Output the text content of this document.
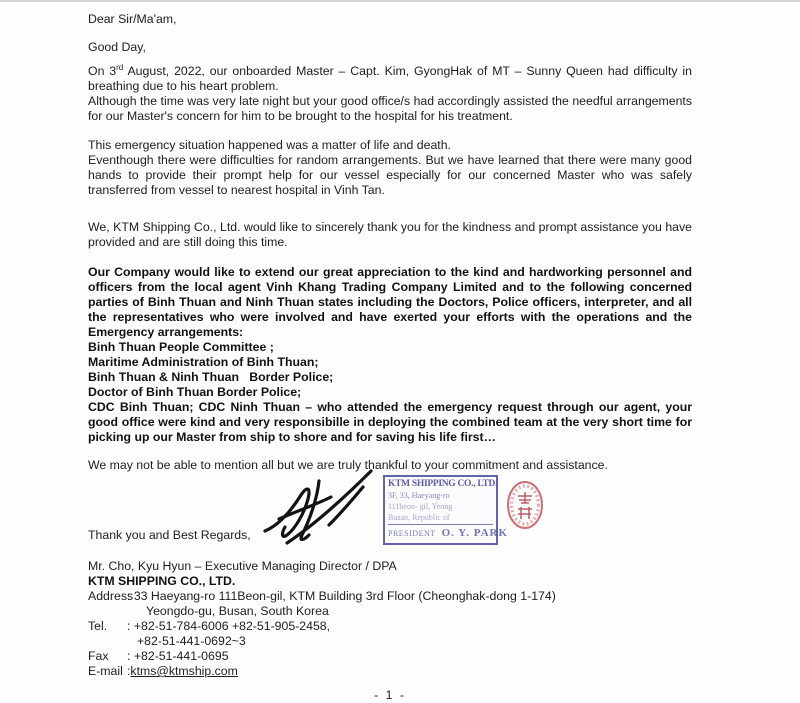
Dear Sir/Ma'am,

Good Day,

On 3rd August, 2022, our onboarded Master – Capt. Kim, GyongHak of MT – Sunny Queen had difficulty in breathing due to his heart problem.

Although the time was very late night but your good office/s had accordingly assisted the needful arrangements for our Master's concern for him to be brought to the hospital for his treatment.

This emergency situation happened was a matter of life and death.

Eventhough there were difficulties for random arrangements. But we have learned that there were many good hands to provide their prompt help for our vessel especially for our concerned Master who was safely transferred from vessel to nearest hospital in Vinh Tan.

We, KTM Shipping Co., Ltd. would like to sincerely thank you for the kindness and prompt assistance you have provided and are still doing this time.

Our Company would like to extend our great appreciation to the kind and hardworking personnel and officers from the local agent Vinh Khang Trading Company Limited and to the following concerned parties of Binh Thuan and Ninh Thuan states including the Doctors, Police officers, interpreter, and all the representatives who were involved and have exerted your efforts with the operations and the Emergency arrangements:

Binh Thuan People Committee ;
Maritime Administration of Binh Thuan;
Binh Thuan & Ninh Thuan   Border Police;
Doctor of Binh Thuan Border Police;

CDC Binh Thuan; CDC Ninh Thuan – who attended the emergency request through our agent, your good office were kind and very responsibille in deploying the combined team at the very short time for picking up our Master from ship to shore and for saving his life first…

We may not be able to mention all but we are truly thankful to your commitment and assistance.

KTM SHIPPING CO., LTD.
3F, 33, Haeyang-ro
111beon- gil, Yeong
Busan, Republic of
PRESIDENT O. Y. PARK
Thank you and Best Regards,
Mr. Cho, Kyu Hyun – Executive Managing Director / DPA
KTM SHIPPING CO., LTD.
Address
: 33 Haeyang-ro 111Beon-gil, KTM Building 3rd Floor (Cheonghak-dong 1-174)
Yeongdo-gu, Busan, South Korea
Tel.	: +82-51-784-6006 +82-51-905-2458,
+82-51-441-0692~3
Fax	: +82-51-441-0695
E-mail : ktms@ktmship.com
- 1 -
